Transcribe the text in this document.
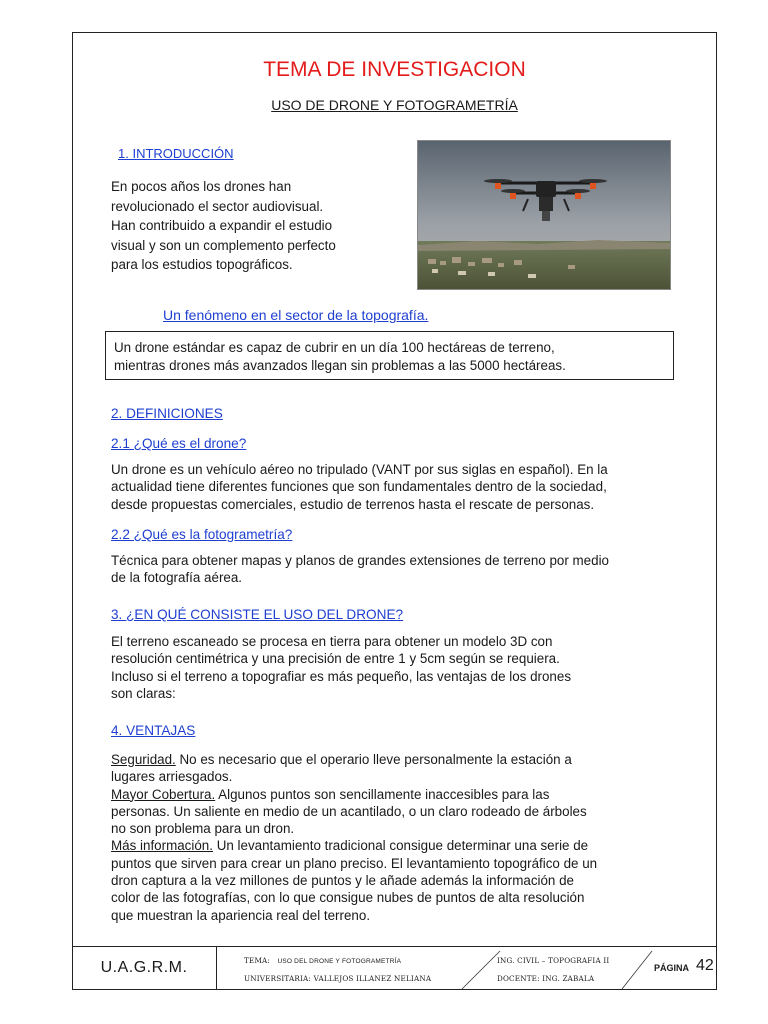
TEMA DE INVESTIGACION
USO DE DRONE Y FOTOGRAMETRÍA
1. INTRODUCCIÓN
En pocos años los drones han
revolucionado el sector audiovisual.
Han contribuido a expandir el estudio
visual y son un complemento perfecto
para los estudios topográficos.
Un fenómeno en el sector de la topografía.
Un drone estándar es capaz de cubrir en un día 100 hectáreas de terreno,
mientras drones más avanzados llegan sin problemas a las 5000 hectáreas.
2. DEFINICIONES
2.1 ¿Qué es el drone?
Un drone es un vehículo aéreo no tripulado (VANT por sus siglas en español). En la
actualidad tiene diferentes funciones que son fundamentales dentro de la sociedad,
desde propuestas comerciales, estudio de terrenos hasta el rescate de personas.
2.2 ¿Qué es la fotogrametría?
Técnica para obtener mapas y planos de grandes extensiones de terreno por medio
de la fotografía aérea.
3. ¿EN QUÉ CONSISTE EL USO DEL DRONE?
El terreno escaneado se procesa en tierra para obtener un modelo 3D con
resolución centimétrica y una precisión de entre 1 y 5cm según se requiera.
Incluso si el terreno a topografiar es más pequeño, las ventajas de los drones
son claras:
4. VENTAJAS
Seguridad. No es necesario que el operario lleve personalmente la estación a
lugares arriesgados.
Mayor Cobertura. Algunos puntos son sencillamente inaccesibles para las
personas. Un saliente en medio de un acantilado, o un claro rodeado de árboles
no son problema para un dron.
Más información. Un levantamiento tradicional consigue determinar una serie de
puntos que sirven para crear un plano preciso. El levantamiento topográfico de un
dron captura a la vez millones de puntos y le añade además la información de
color de las fotografías, con lo que consigue nubes de puntos de alta resolución
que muestran la apariencia real del terreno.
U.A.G.R.M.	TEMA: USO DEL DRONE Y FOTOGRAMETRÍA
UNIVERSITARIA: VALLEJOS ILLANEZ NELIANA
ING. CIVIL – TOPOGRAFIA II
DOCENTE: ING. ZABALA
PÁGINA 42
